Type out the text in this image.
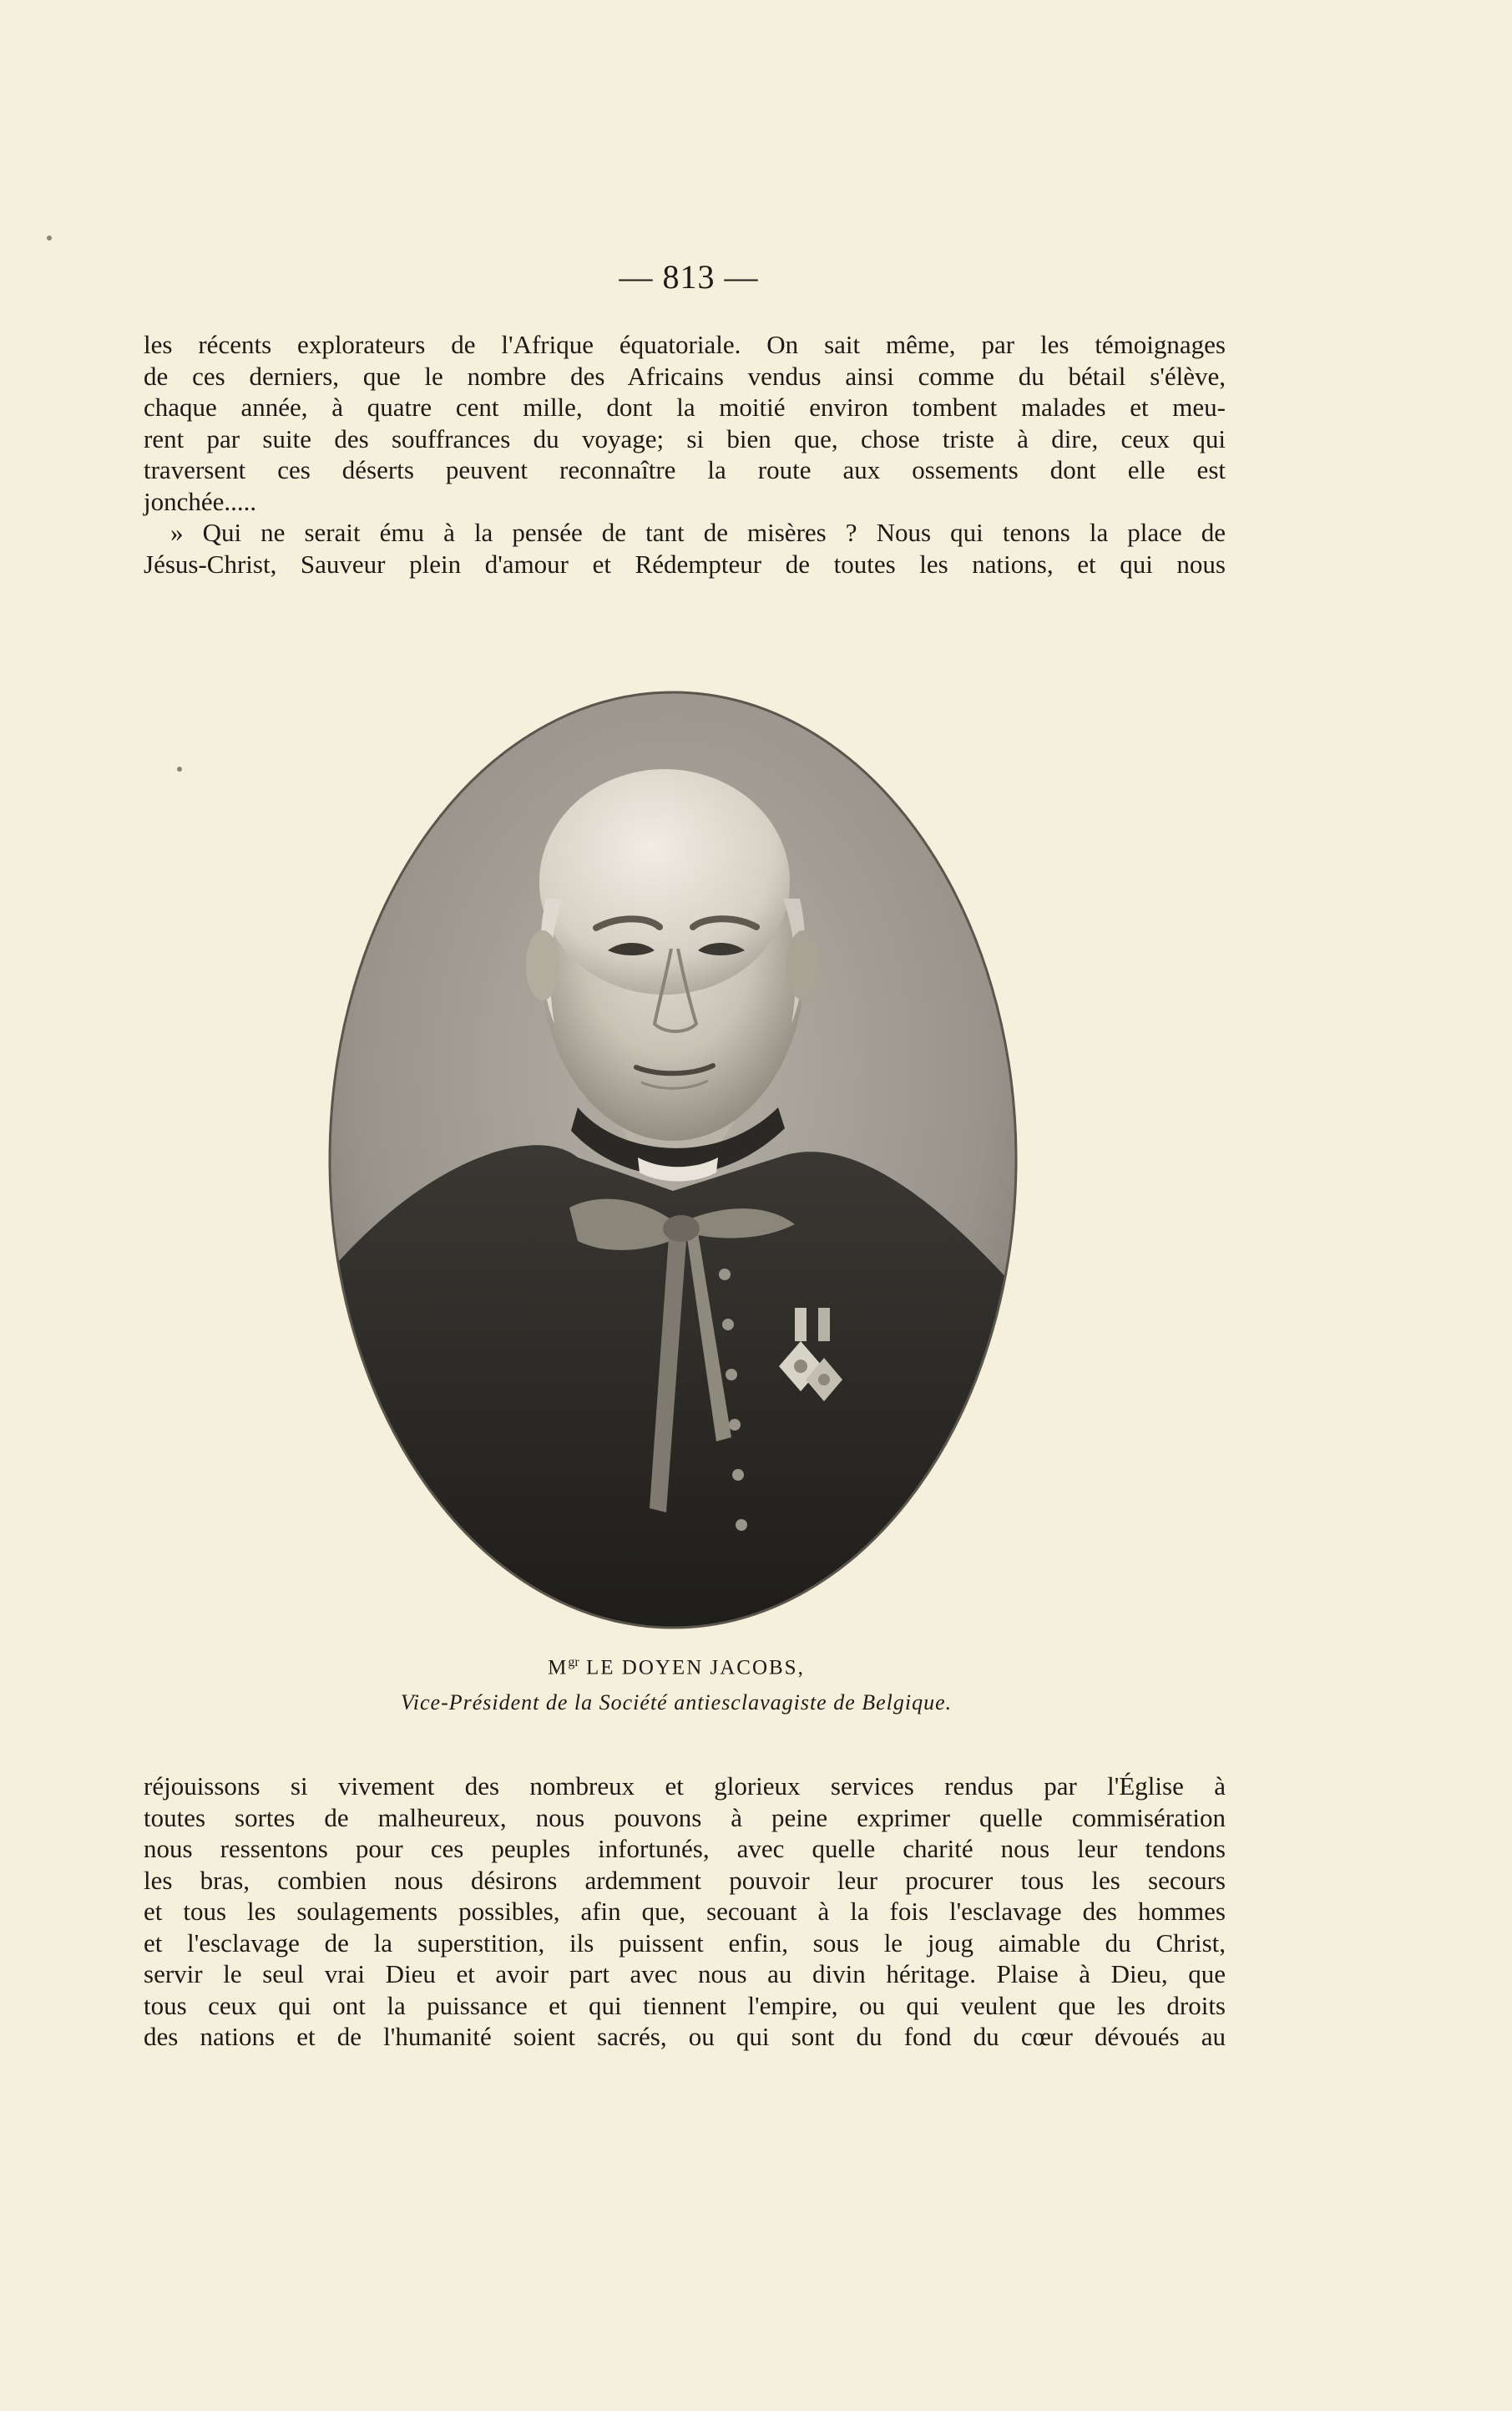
— 813 —
les récents explorateurs de l'Afrique équatoriale. On sait même, par les témoignages
de ces derniers, que le nombre des Africains vendus ainsi comme du bétail s'élève,
chaque année, à quatre cent mille, dont la moitié environ tombent malades et meu-
rent par suite des souffrances du voyage; si bien que, chose triste à dire, ceux qui
traversent ces déserts peuvent reconnaître la route aux ossements dont elle est
jonchée.....
» Qui ne serait ému à la pensée de tant de misères ? Nous qui tenons la place de
Jésus-Christ, Sauveur plein d'amour et Rédempteur de toutes les nations, et qui nous
$M^{gr}$ LE DOYEN JACOBS,
Vice-Président de la Société antiesclavagiste de Belgique.
réjouissons si vivement des nombreux et glorieux services rendus par l'Église à
toutes sortes de malheureux, nous pouvons à peine exprimer quelle commisération
nous ressentons pour ces peuples infortunés, avec quelle charité nous leur tendons
les bras, combien nous désirons ardemment pouvoir leur procurer tous les secours
et tous les soulagements possibles, afin que, secouant à la fois l'esclavage des hommes
et l'esclavage de la superstition, ils puissent enfin, sous le joug aimable du Christ,
servir le seul vrai Dieu et avoir part avec nous au divin héritage. Plaise à Dieu, que
tous ceux qui ont la puissance et qui tiennent l'empire, ou qui veulent que les droits
des nations et de l'humanité soient sacrés, ou qui sont du fond du cœur dévoués au
